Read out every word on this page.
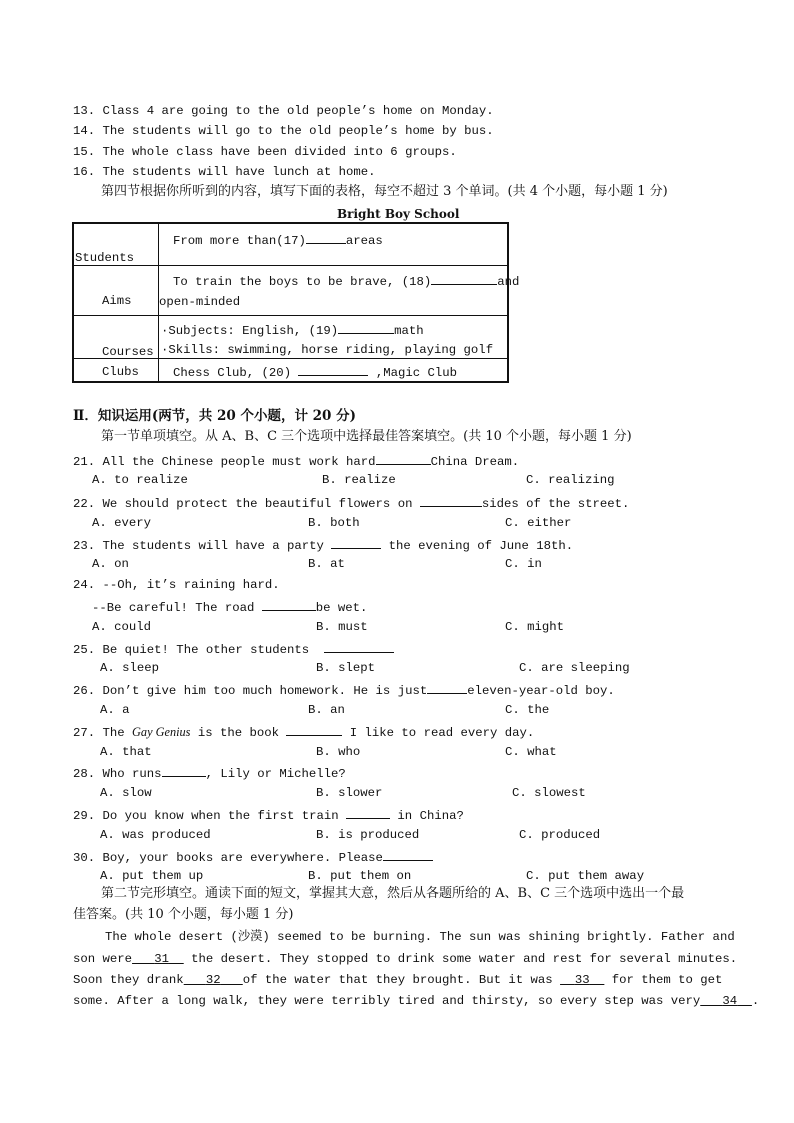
13. Class 4 are going to the old people’s home on Monday.
14. The students will go to the old people’s home by bus.
15. The whole class have been divided into 6 groups.
16. The students will have lunch at home.
第四节根据你所听到的内容，填写下面的表格，每空不超过 3 个单词。(共 4 个小题，每小题 1 分)
Bright Boy School
Students	From more than(17) areas

Aims	To train the boys to be brave, (18) and
open-minded

Courses	·Subjects: English, (19) math
·Skills: swimming, horse riding, playing golf

Clubs	Chess Club, (20) ,Magic Club
Ⅱ．知识运用(两节，共 20 个小题，计 20 分)
第一节单项填空。从 A、B、C 三个选项中选择最佳答案填空。(共 10 个小题，每小题 1 分)
21. All the Chinese people must work hard	China Dream.
A. to realize	B. realize	C. realizing
22. We should protect the beautiful flowers on	sides of the street.
A. every	B. both	C. either
23. The students will have a party	the evening of June 18th.
A. on	B. at	C. in
24. --Oh, it’s raining hard.
--Be careful! The road	be wet.
A. could	B. must	C. might
25. Be quiet! The other students
A. sleep	B. slept	C. are sleeping
26. Don’t give him too much homework. He is just	eleven-year-old boy.
A. a	B. an	C. the
27. The Gay Genius is the book	I like to read every day.
A. that	B. who	C. what
28. Who runs	, Lily or Michelle?
A. slow	B. slower	C. slowest
29. Do you know when the first train	in China?
A. was produced	B. is produced	C. produced
30. Boy, your books are everywhere. Please
A. put them up	B. put them on	C. put them away
第二节完形填空。通读下面的短文，掌握其大意，然后从各题所给的 A、B、C 三个选项中选出一个最
佳答案。(共 10 个小题，每小题 1 分)
The whole desert (沙漠) seemed to be burning. The sun was shining brightly. Father and
son were 31   the desert. They stopped to drink some water and rest for several minutes.
Soon they drank 32 of the water that they brought. But it was   33   for them to get
some. After a long walk, they were terribly tired and thirsty, so every step was very 34 .
